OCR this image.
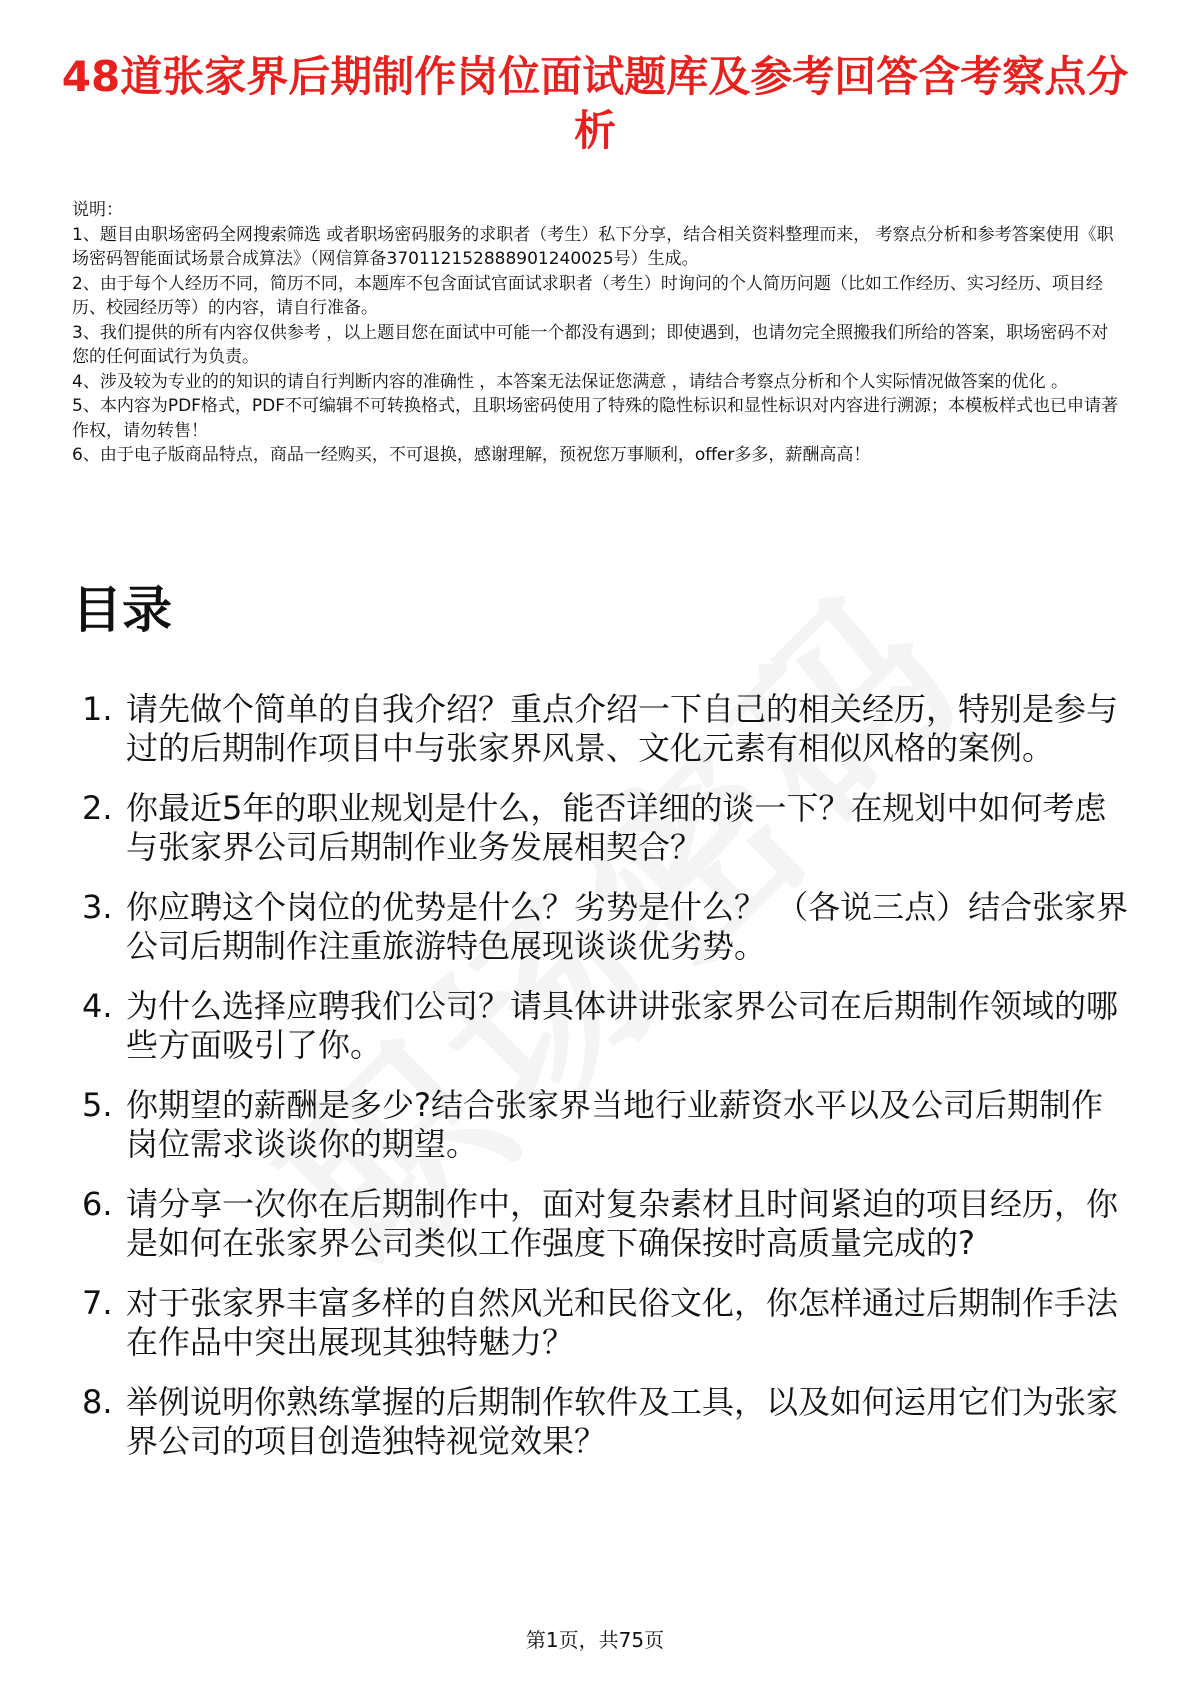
48道张家界后期制作岗位面试题库及参考回答含考察点分析

说明：

1、题目由职场密码全网搜索筛选 或者职场密码服务的求职者（考生）私下分享，结合相关资料整理而来， 考察点分析和参考答案使用《职场密码智能面试场景合成算法》（网信算备370112152888901240025号）生成。

2、由于每个人经历不同，简历不同，本题库不包含面试官面试求职者（考生）时询问的个人简历问题（比如工作经历、实习经历、项目经历、校园经历等）的内容，请自行准备。

3、我们提供的所有内容仅供参考 ，以上题目您在面试中可能一个都没有遇到；即使遇到，也请勿完全照搬我们所给的答案，职场密码不对您的任何面试行为负责。

4、涉及较为专业的的知识的请自行判断内容的准确性 ，本答案无法保证您满意 ，请结合考察点分析和个人实际情况做答案的优化 。

5、本内容为PDF格式，PDF不可编辑不可转换格式，且职场密码使用了特殊的隐性标识和显性标识对内容进行溯源；本模板样式也已申请著作权，请勿转售！

6、由于电子版商品特点，商品一经购买，不可退换，感谢理解，预祝您万事顺利，offer多多，薪酬高高！

目录
1. 请先做个简单的自我介绍？重点介绍一下自己的相关经历，特别是参与过的后期制作项目中与张家界风景、文化元素有相似风格的案例。
2. 你最近5年的职业规划是什么，能否详细的谈一下？在规划中如何考虑与张家界公司后期制作业务发展相契合？
3. 你应聘这个岗位的优势是什么？劣势是什么？ （各说三点）结合张家界公司后期制作注重旅游特色展现谈谈优劣势。
4. 为什么选择应聘我们公司？请具体讲讲张家界公司在后期制作领域的哪些方面吸引了你。
5. 你期望的薪酬是多少?结合张家界当地行业薪资水平以及公司后期制作岗位需求谈谈你的期望。
6. 请分享一次你在后期制作中，面对复杂素材且时间紧迫的项目经历，你是如何在张家界公司类似工作强度下确保按时高质量完成的?
7. 对于张家界丰富多样的自然风光和民俗文化，你怎样通过后期制作手法在作品中突出展现其独特魅力？
8. 举例说明你熟练掌握的后期制作软件及工具，以及如何运用它们为张家界公司的项目创造独特视觉效果？
第1页，共75页
